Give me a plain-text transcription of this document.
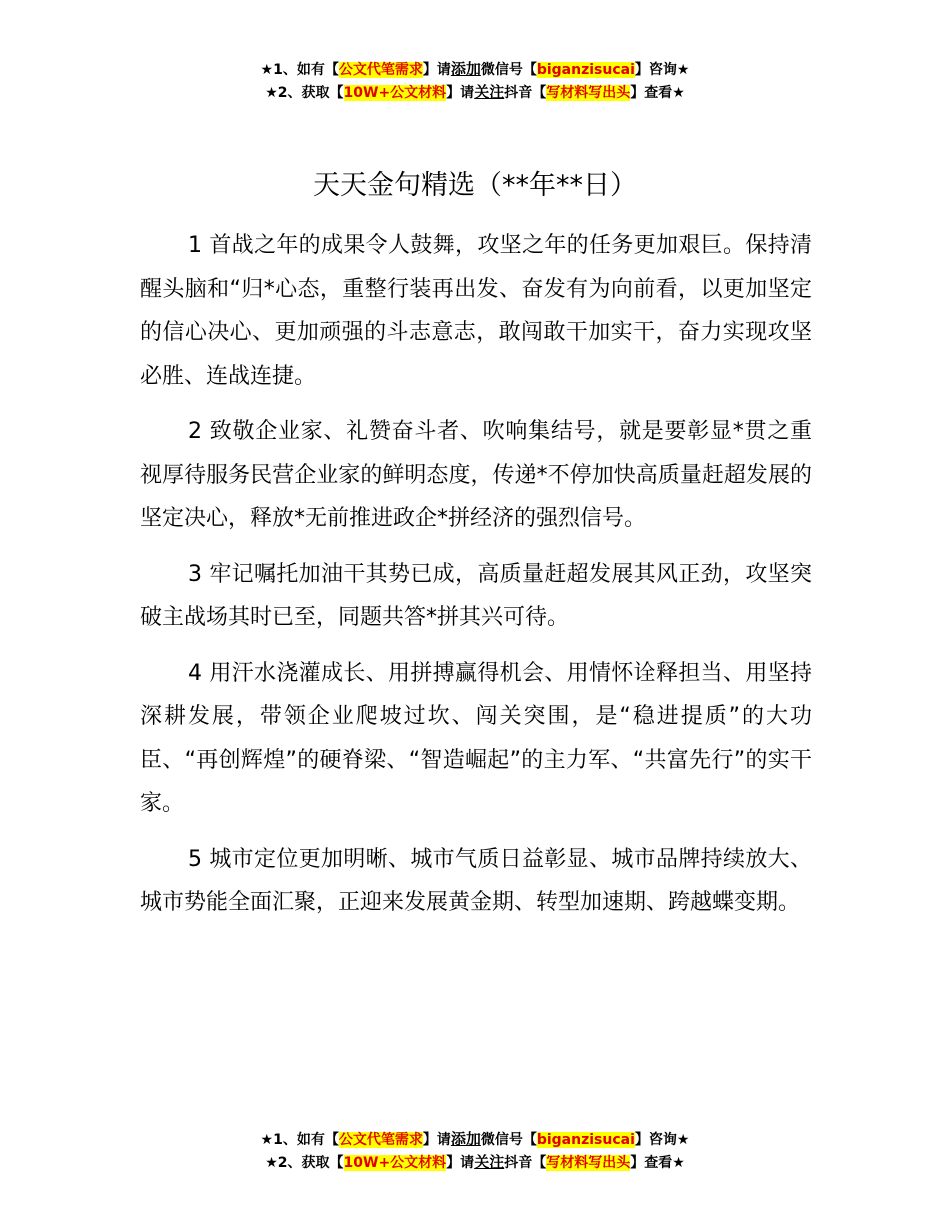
★1、如有【公文代笔需求】请添加微信号【biganzisucai】咨询★
★2、获取【10W+公文材料】请关注抖音【写材料写出头】查看★
天天金句精选（**年**日）

1 首战之年的成果令人鼓舞，攻坚之年的任务更加艰巨。保持清醒头脑和“归*心态，重整行装再出发、奋发有为向前看，以更加坚定的信心决心、更加顽强的斗志意志，敢闯敢干加实干，奋力实现攻坚必胜、连战连捷。

2 致敬企业家、礼赞奋斗者、吹响集结号，就是要彰显*贯之重视厚待服务民营企业家的鲜明态度，传递*不停加快高质量赶超发展的坚定决心，释放*无前推进政企*拼经济的强烈信号。

3 牢记嘱托加油干其势已成，高质量赶超发展其风正劲，攻坚突破主战场其时已至，同题共答*拼其兴可待。

4 用汗水浇灌成长、用拼搏赢得机会、用情怀诠释担当、用坚持深耕发展，带领企业爬坡过坎、闯关突围，是“稳进提质”的大功臣、“再创辉煌”的硬脊梁、“智造崛起”的主力军、“共富先行”的实干家。

5 城市定位更加明晰、城市气质日益彰显、城市品牌持续放大、城市势能全面汇聚，正迎来发展黄金期、转型加速期、跨越蝶变期。

★1、如有【公文代笔需求】请添加微信号【biganzisucai】咨询★
★2、获取【10W+公文材料】请关注抖音【写材料写出头】查看★
